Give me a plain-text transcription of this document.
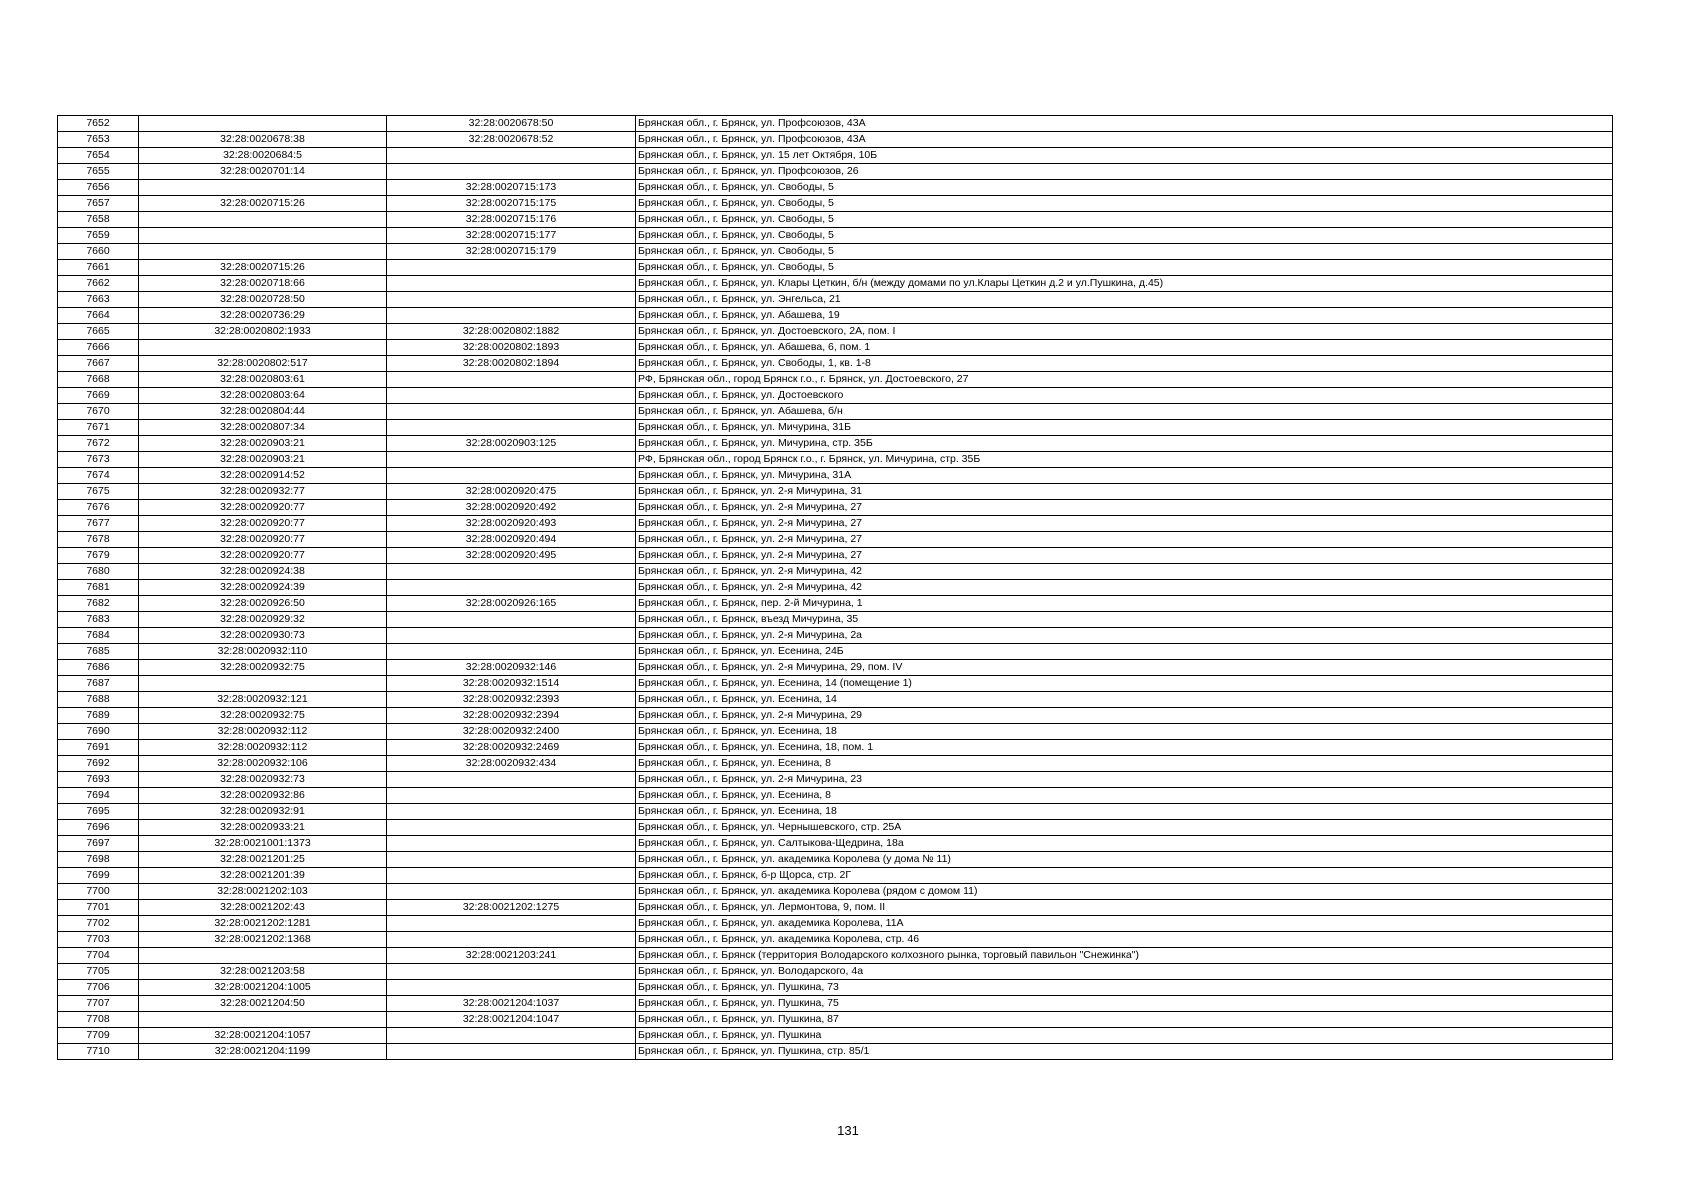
7652		32:28:0020678:50	Брянская обл., г. Брянск, ул. Профсоюзов, 43А
7653	32:28:0020678:38	32:28:0020678:52	Брянская обл., г. Брянск, ул. Профсоюзов, 43А
7654	32:28:0020684:5		Брянская обл., г. Брянск, ул. 15 лет Октября, 10Б
7655	32:28:0020701:14		Брянская обл., г. Брянск, ул. Профсоюзов, 26
7656		32:28:0020715:173	Брянская обл., г. Брянск, ул. Свободы, 5
7657	32:28:0020715:26	32:28:0020715:175	Брянская обл., г. Брянск, ул. Свободы, 5
7658		32:28:0020715:176	Брянская обл., г. Брянск, ул. Свободы, 5
7659		32:28:0020715:177	Брянская обл., г. Брянск, ул. Свободы, 5
7660		32:28:0020715:179	Брянская обл., г. Брянск, ул. Свободы, 5
7661	32:28:0020715:26		Брянская обл., г. Брянск, ул. Свободы, 5
7662	32:28:0020718:66		Брянская обл., г. Брянск, ул. Клары Цеткин, б/н (между домами по ул.Клары Цеткин д.2 и ул.Пушкина, д.45)
7663	32:28:0020728:50		Брянская обл., г. Брянск, ул. Энгельса, 21
7664	32:28:0020736:29		Брянская обл., г. Брянск, ул. Абашева, 19
7665	32:28:0020802:1933	32:28:0020802:1882	Брянская обл., г. Брянск, ул. Достоевского, 2А, пом. I
7666		32:28:0020802:1893	Брянская обл., г. Брянск, ул. Абашева, 6, пом. 1
7667	32:28:0020802:517	32:28:0020802:1894	Брянская обл., г. Брянск, ул. Свободы, 1, кв. 1-8
7668	32:28:0020803:61		РФ, Брянская обл., город Брянск г.о., г. Брянск, ул. Достоевского, 27
7669	32:28:0020803:64		Брянская обл., г. Брянск, ул. Достоевского
7670	32:28:0020804:44		Брянская обл., г. Брянск, ул. Абашева, б/н
7671	32:28:0020807:34		Брянская обл., г. Брянск, ул. Мичурина, 31Б
7672	32:28:0020903:21	32:28:0020903:125	Брянская обл., г. Брянск, ул. Мичурина, стр. 35Б
7673	32:28:0020903:21		РФ, Брянская обл., город Брянск г.о., г. Брянск, ул. Мичурина, стр. 35Б
7674	32:28:0020914:52		Брянская обл., г. Брянск, ул. Мичурина, 31А
7675	32:28:0020932:77	32:28:0020920:475	Брянская обл., г. Брянск, ул. 2-я Мичурина, 31
7676	32:28:0020920:77	32:28:0020920:492	Брянская обл., г. Брянск, ул. 2-я Мичурина, 27
7677	32:28:0020920:77	32:28:0020920:493	Брянская обл., г. Брянск, ул. 2-я Мичурина, 27
7678	32:28:0020920:77	32:28:0020920:494	Брянская обл., г. Брянск, ул. 2-я Мичурина, 27
7679	32:28:0020920:77	32:28:0020920:495	Брянская обл., г. Брянск, ул. 2-я Мичурина, 27
7680	32:28:0020924:38		Брянская обл., г. Брянск, ул. 2-я Мичурина, 42
7681	32:28:0020924:39		Брянская обл., г. Брянск, ул. 2-я Мичурина, 42
7682	32:28:0020926:50	32:28:0020926:165	Брянская обл., г. Брянск, пер. 2-й Мичурина, 1
7683	32:28:0020929:32		Брянская обл., г. Брянск, въезд Мичурина, 35
7684	32:28:0020930:73		Брянская обл., г. Брянск, ул. 2-я Мичурина, 2а
7685	32:28:0020932:110		Брянская обл., г. Брянск, ул. Есенина, 24Б
7686	32:28:0020932:75	32:28:0020932:146	Брянская обл., г. Брянск, ул. 2-я Мичурина, 29, пом. IV
7687		32:28:0020932:1514	Брянская обл., г. Брянск, ул. Есенина, 14 (помещение 1)
7688	32:28:0020932:121	32:28:0020932:2393	Брянская обл., г. Брянск, ул. Есенина, 14
7689	32:28:0020932:75	32:28:0020932:2394	Брянская обл., г. Брянск, ул. 2-я Мичурина, 29
7690	32:28:0020932:112	32:28:0020932:2400	Брянская обл., г. Брянск, ул. Есенина, 18
7691	32:28:0020932:112	32:28:0020932:2469	Брянская обл., г. Брянск, ул. Есенина, 18, пом. 1
7692	32:28:0020932:106	32:28:0020932:434	Брянская обл., г. Брянск, ул. Есенина, 8
7693	32:28:0020932:73		Брянская обл., г. Брянск, ул. 2-я Мичурина, 23
7694	32:28:0020932:86		Брянская обл., г. Брянск, ул. Есенина, 8
7695	32:28:0020932:91		Брянская обл., г. Брянск, ул. Есенина, 18
7696	32:28:0020933:21		Брянская обл., г. Брянск, ул. Чернышевского, стр. 25А
7697	32:28:0021001:1373		Брянская обл., г. Брянск, ул. Салтыкова-Щедрина, 18а
7698	32:28:0021201:25		Брянская обл., г. Брянск, ул. академика Королева (у дома № 11)
7699	32:28:0021201:39		Брянская обл., г. Брянск, б-р Щорса, стр. 2Г
7700	32:28:0021202:103		Брянская обл., г. Брянск, ул. академика Королева (рядом с домом 11)
7701	32:28:0021202:43	32:28:0021202:1275	Брянская обл., г. Брянск, ул. Лермонтова, 9, пом. II
7702	32:28:0021202:1281		Брянская обл., г. Брянск, ул. академика Королева, 11А
7703	32:28:0021202:1368		Брянская обл., г. Брянск, ул. академика Королева, стр. 46
7704		32:28:0021203:241	Брянская обл., г. Брянск (территория Володарского колхозного рынка, торговый павильон "Снежинка")
7705	32:28:0021203:58		Брянская обл., г. Брянск, ул. Володарского, 4а
7706	32:28:0021204:1005		Брянская обл., г. Брянск, ул. Пушкина, 73
7707	32:28:0021204:50	32:28:0021204:1037	Брянская обл., г. Брянск, ул. Пушкина, 75
7708		32:28:0021204:1047	Брянская обл., г. Брянск, ул. Пушкина, 87
7709	32:28:0021204:1057		Брянская обл., г. Брянск, ул. Пушкина
7710	32:28:0021204:1199		Брянская обл., г. Брянск, ул. Пушкина, стр. 85/1
131
